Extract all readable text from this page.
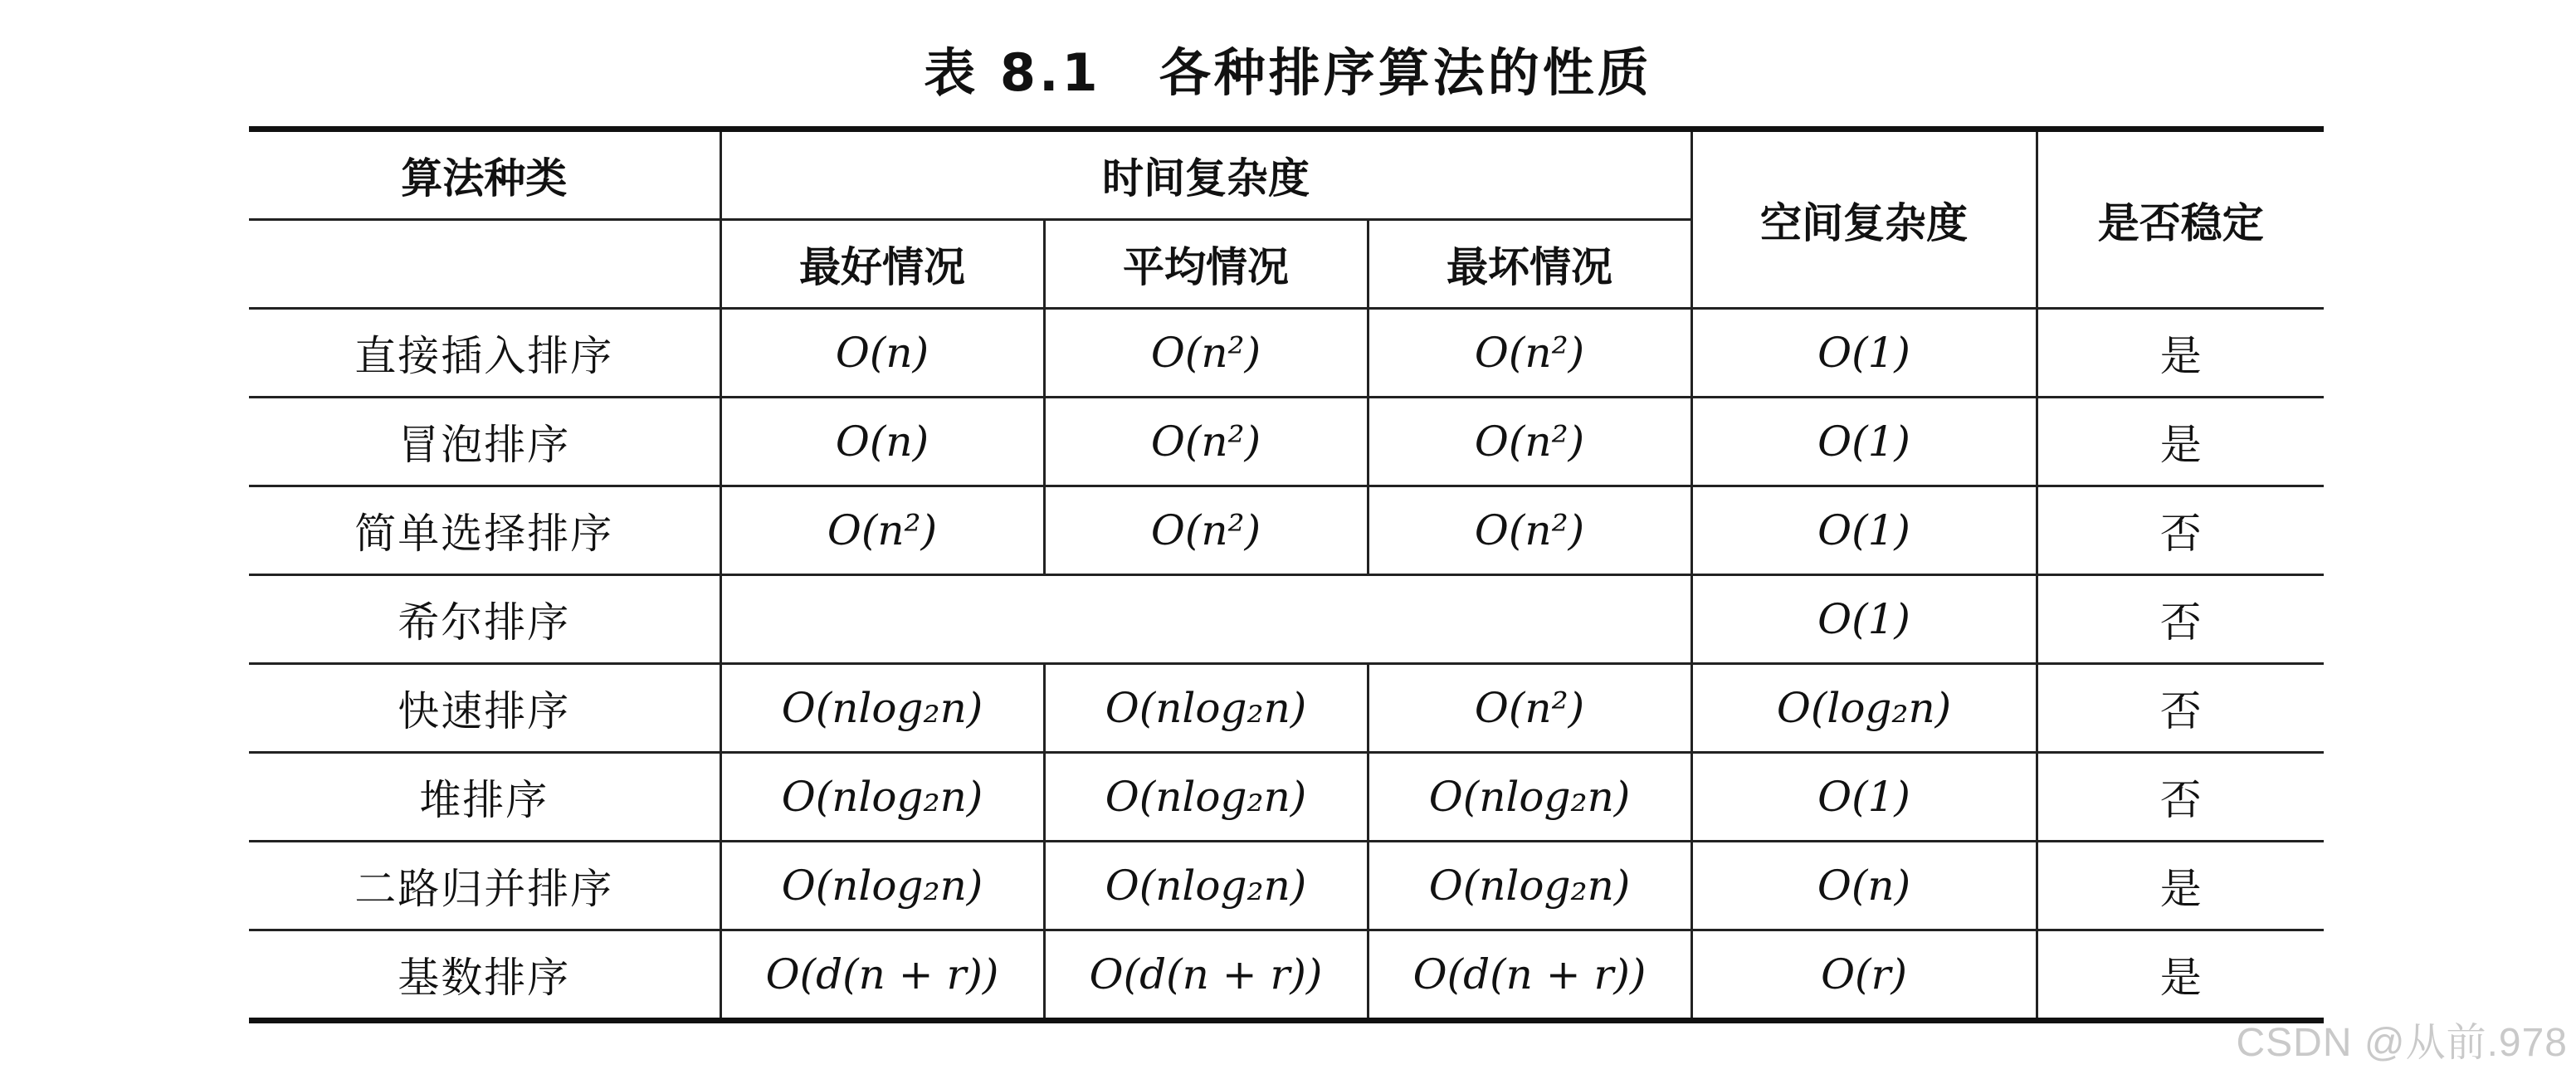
表 8.1 各种排序算法的性质
算法种类	时间复杂度			空间复杂度	是否稳定
	最好情况	平均情况	最坏情况		
直接插入排序	O(n)	O(n²)	O(n²)	O(1)	是
冒泡排序	O(n)	O(n²)	O(n²)	O(1)	是
简单选择排序	O(n²)	O(n²)	O(n²)	O(1)	否
希尔排序				O(1)	否
快速排序	O(nlog₂n)	O(nlog₂n)	O(n²)	O(log₂n)	否
堆排序	O(nlog₂n)	O(nlog₂n)	O(nlog₂n)	O(1)	否
二路归并排序	O(nlog₂n)	O(nlog₂n)	O(nlog₂n)	O(n)	是
基数排序	O(d(n + r))	O(d(n + r))	O(d(n + r))	O(r)	是
CSDN @从前.978
